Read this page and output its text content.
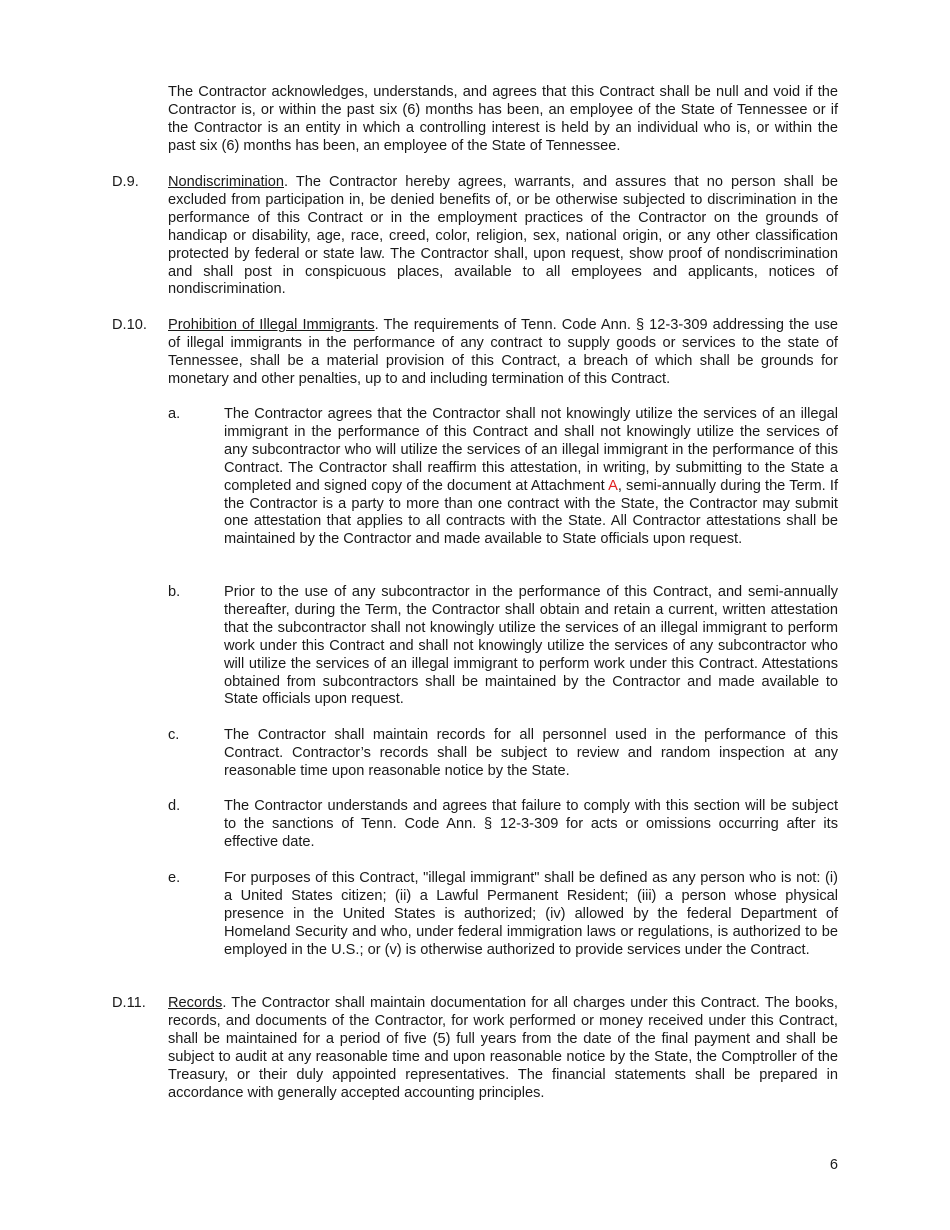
The Contractor acknowledges, understands, and agrees that this Contract shall be null and void if the Contractor is, or within the past six (6) months has been, an employee of the State of Tennessee or if the Contractor is an entity in which a controlling interest is held by an individual who is, or within the past six (6) months has been, an employee of the State of Tennessee.

D.9. Nondiscrimination. The Contractor hereby agrees, warrants, and assures that no person shall be excluded from participation in, be denied benefits of, or be otherwise subjected to discrimination in the performance of this Contract or in the employment practices of the Contractor on the grounds of handicap or disability, age, race, creed, color, religion, sex, national origin, or any other classification protected by federal or state law. The Contractor shall, upon request, show proof of nondiscrimination and shall post in conspicuous places, available to all employees and applicants, notices of nondiscrimination.
D.10. Prohibition of Illegal Immigrants. The requirements of Tenn. Code Ann. § 12-3-309 addressing the use of illegal immigrants in the performance of any contract to supply goods or services to the state of Tennessee, shall be a material provision of this Contract, a breach of which shall be grounds for monetary and other penalties, up to and including termination of this Contract.
a.	The Contractor agrees that the Contractor shall not knowingly utilize the services of an illegal immigrant in the performance of this Contract and shall not knowingly utilize the services of any subcontractor who will utilize the services of an illegal immigrant in the performance of this Contract. The Contractor shall reaffirm this attestation, in writing, by submitting to the State a completed and signed copy of the document at Attachment A, semi-annually during the Term. If the Contractor is a party to more than one contract with the State, the Contractor may submit one attestation that applies to all contracts with the State. All Contractor attestations shall be maintained by the Contractor and made available to State officials upon request.
b.	Prior to the use of any subcontractor in the performance of this Contract, and semi-annually thereafter, during the Term, the Contractor shall obtain and retain a current, written attestation that the subcontractor shall not knowingly utilize the services of an illegal immigrant to perform work under this Contract and shall not knowingly utilize the services of any subcontractor who will utilize the services of an illegal immigrant to perform work under this Contract. Attestations obtained from subcontractors shall be maintained by the Contractor and made available to State officials upon request.
c.	The Contractor shall maintain records for all personnel used in the performance of this Contract. Contractor’s records shall be subject to review and random inspection at any reasonable time upon reasonable notice by the State.
d.	The Contractor understands and agrees that failure to comply with this section will be subject to the sanctions of Tenn. Code Ann. § 12-3-309 for acts or omissions occurring after its effective date.
e.	For purposes of this Contract, "illegal immigrant" shall be defined as any person who is not: (i) a United States citizen; (ii) a Lawful Permanent Resident; (iii) a person whose physical presence in the United States is authorized; (iv) allowed by the federal Department of Homeland Security and who, under federal immigration laws or regulations, is authorized to be employed in the U.S.; or (v) is otherwise authorized to provide services under the Contract.
D.11. Records. The Contractor shall maintain documentation for all charges under this Contract. The books, records, and documents of the Contractor, for work performed or money received under this Contract, shall be maintained for a period of five (5) full years from the date of the final payment and shall be subject to audit at any reasonable time and upon reasonable notice by the State, the Comptroller of the Treasury, or their duly appointed representatives. The financial statements shall be prepared in accordance with generally accepted accounting principles.
6
